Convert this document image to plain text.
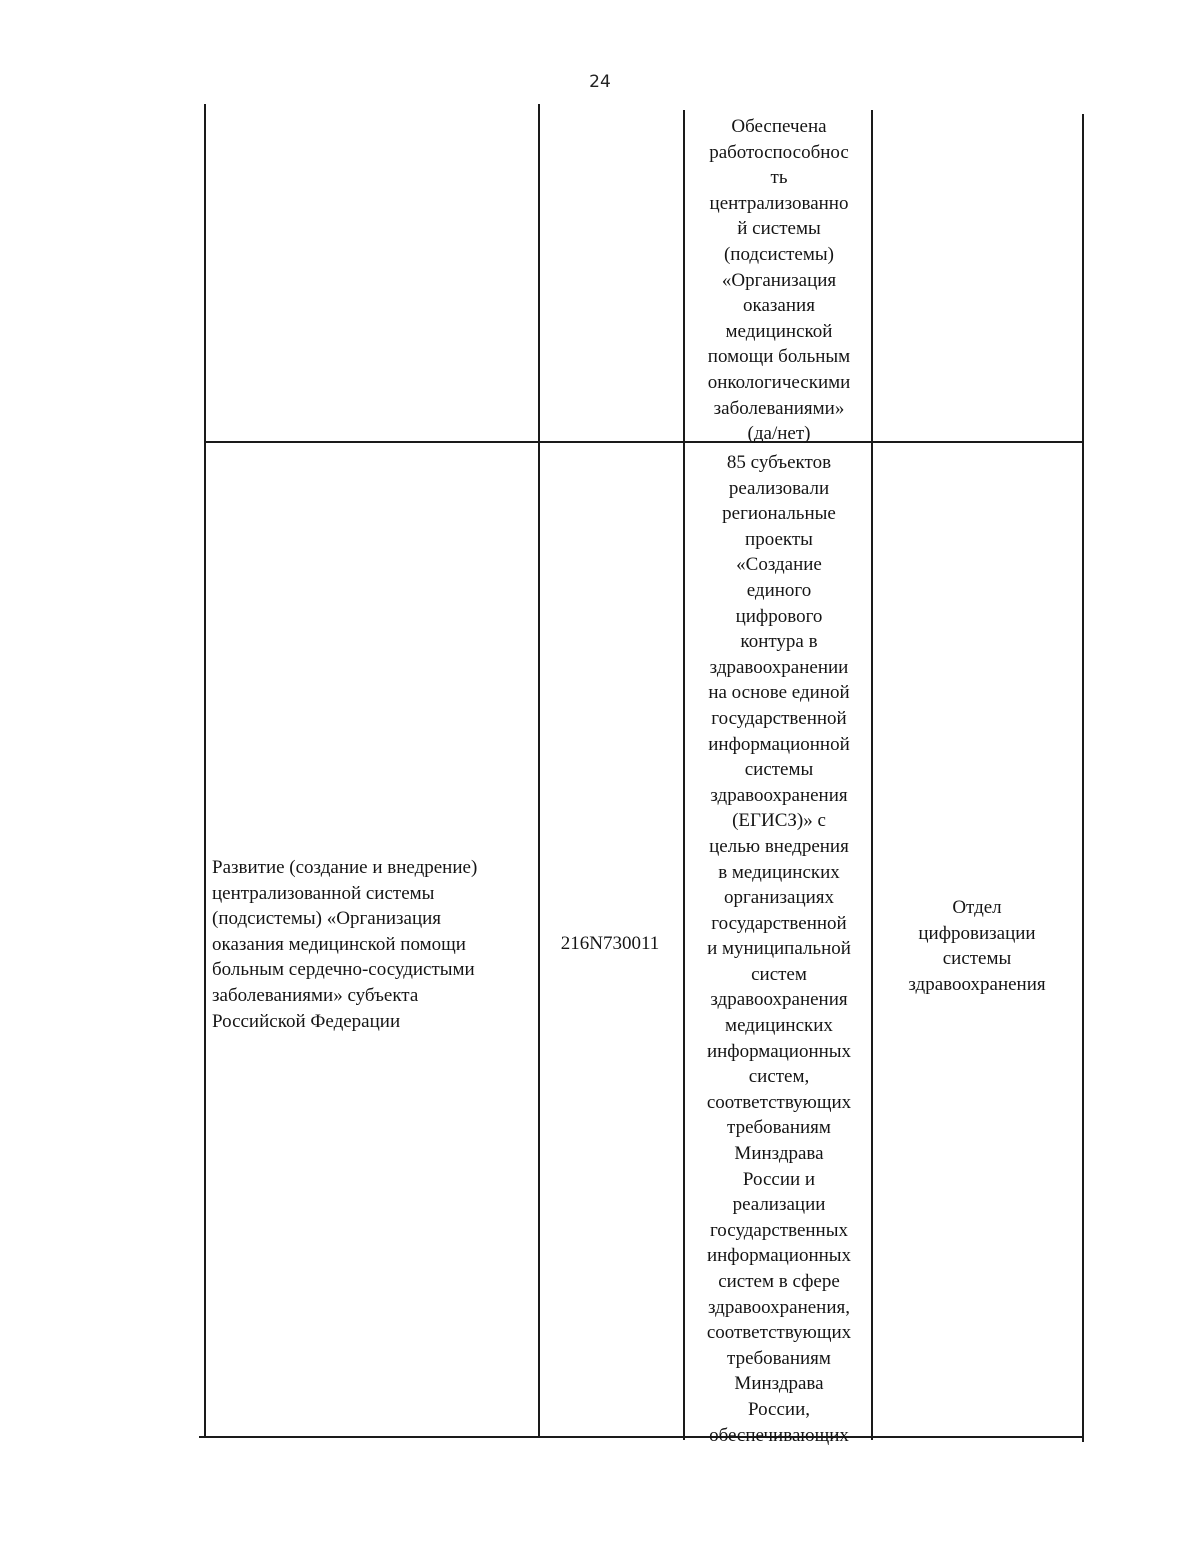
24
Обеспечена
работоспособнос
ть
централизованно
й системы
(подсистемы)
«Организация
оказания
медицинской
помощи больным
онкологическими
заболеваниями»
(да/нет)
Развитие (создание и внедрение)
централизованной системы
(подсистемы) «Организация
оказания медицинской помощи
больным сердечно-сосудистыми
заболеваниями» субъекта
Российской Федерации
216N730011
85 субъектов
реализовали
региональные
проекты
«Создание
единого
цифрового
контура в
здравоохранении
на основе единой
государственной
информационной
системы
здравоохранения
(ЕГИСЗ)» с
целью внедрения
в медицинских
организациях
государственной
и муниципальной
систем
здравоохранения
медицинских
информационных
систем,
соответствующих
требованиям
Минздрава
России и
реализации
государственных
информационных
систем в сфере
здравоохранения,
соответствующих
требованиям
Минздрава
России,
обеспечивающих
Отдел
цифровизации
системы
здравоохранения
